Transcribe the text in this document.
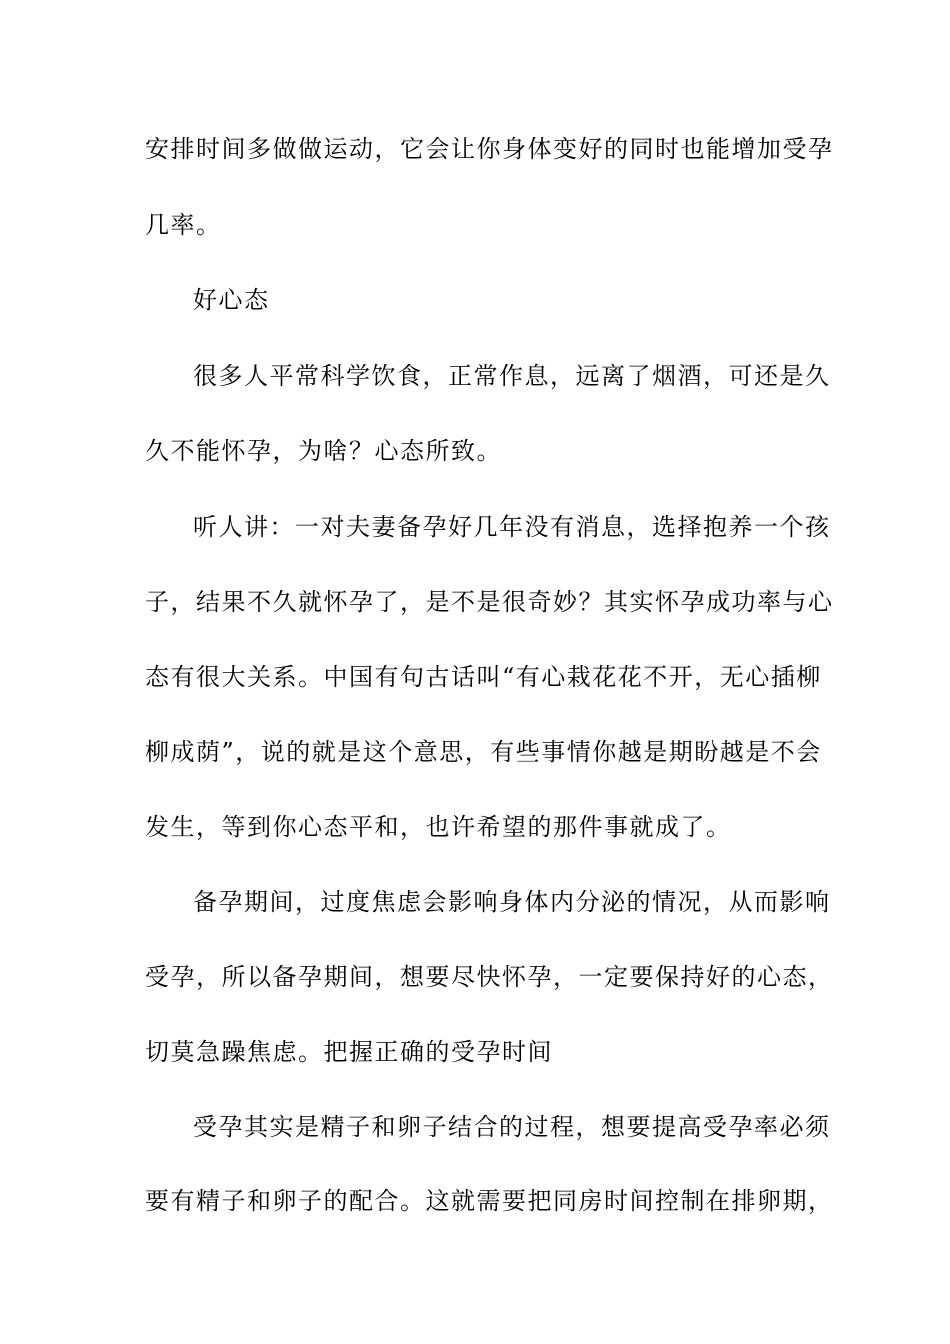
安排时间多做做运动，它会让你身体变好的同时也能增加受孕
几率。
好心态
很多人平常科学饮食，正常作息，远离了烟酒，可还是久
久不能怀孕，为啥？心态所致。
听人讲：一对夫妻备孕好几年没有消息，选择抱养一个孩
子，结果不久就怀孕了，是不是很奇妙？其实怀孕成功率与心
态有很大关系。中国有句古话叫“有心栽花花不开，无心插柳
柳成荫”，说的就是这个意思，有些事情你越是期盼越是不会
发生，等到你心态平和，也许希望的那件事就成了。
备孕期间，过度焦虑会影响身体内分泌的情况，从而影响
受孕，所以备孕期间，想要尽快怀孕，一定要保持好的心态，
切莫急躁焦虑。把握正确的受孕时间
受孕其实是精子和卵子结合的过程，想要提高受孕率必须
要有精子和卵子的配合。这就需要把同房时间控制在排卵期，
